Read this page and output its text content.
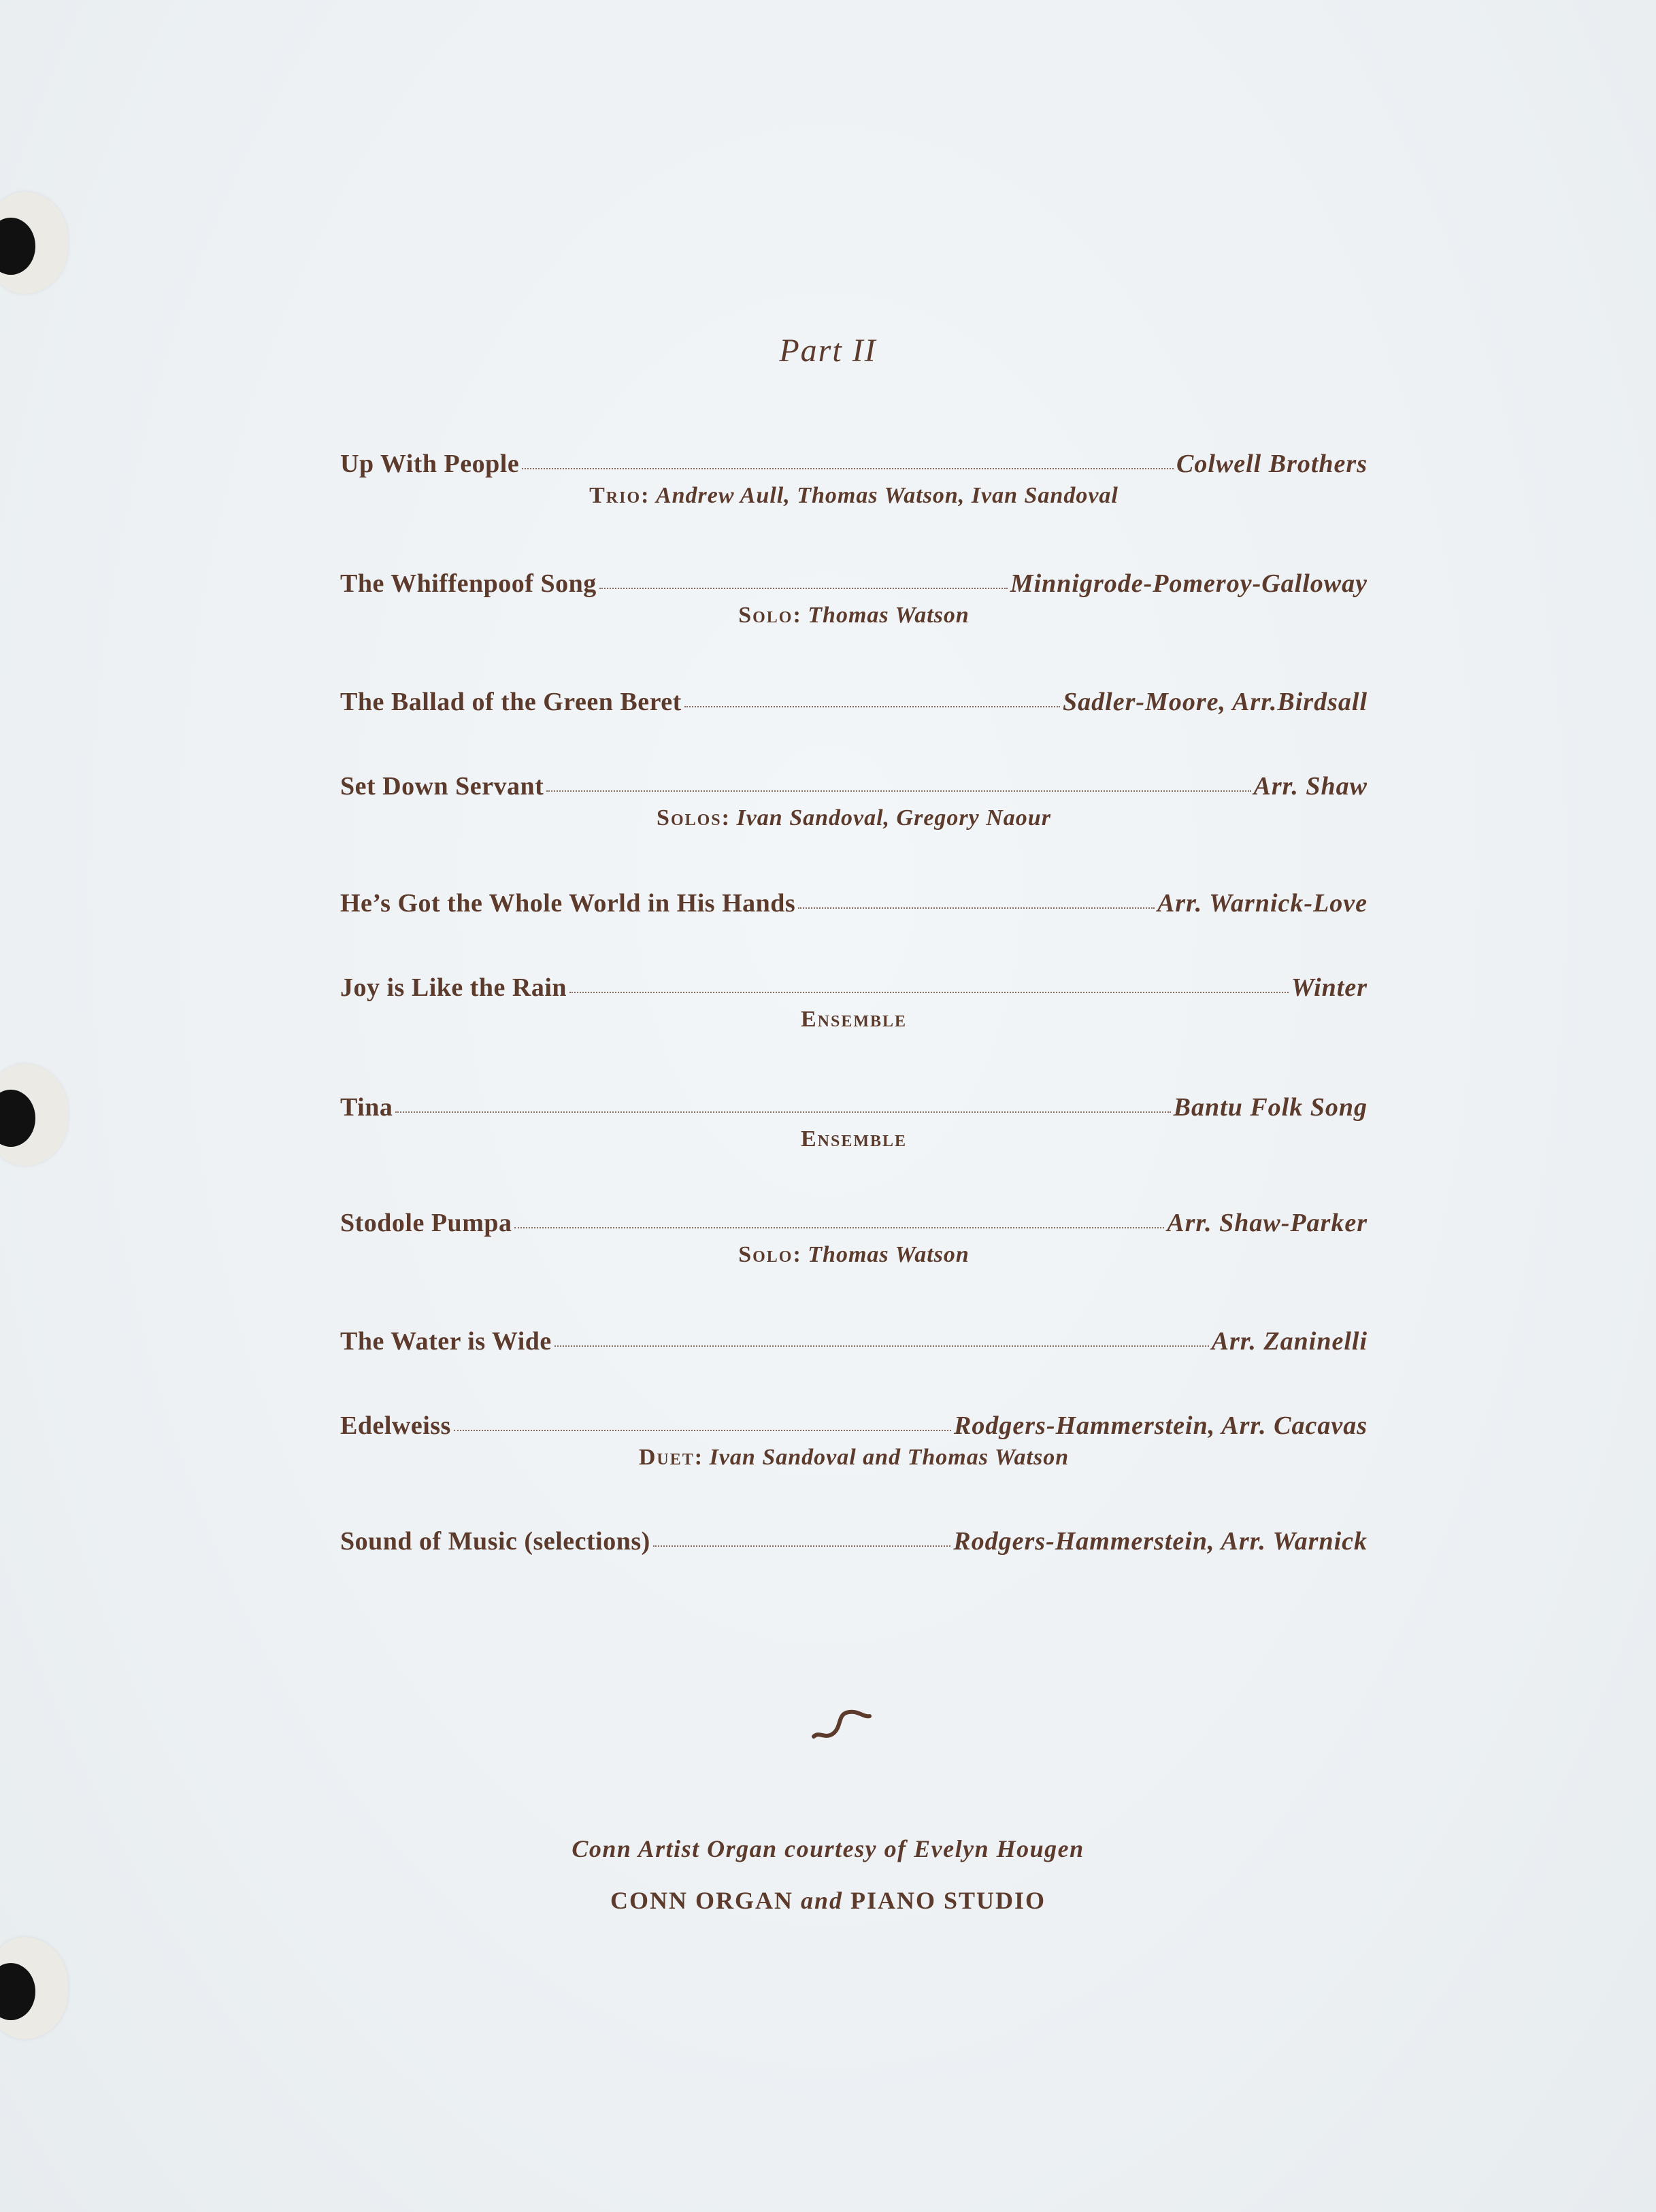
Part II
Up With People	Colwell Brothers
Trio: Andrew Aull, Thomas Watson, Ivan Sandoval
The Whiffenpoof Song	Minnigrode-Pomeroy-Galloway
Solo: Thomas Watson
The Ballad of the Green Beret	Sadler-Moore, Arr.Birdsall
Set Down Servant	Arr. Shaw
Solos: Ivan Sandoval, Gregory Naour
He’s Got the Whole World in His Hands	Arr. Warnick-Love
Joy is Like the Rain	Winter
Ensemble
Tina	Bantu Folk Song
Ensemble
Stodole Pumpa	Arr. Shaw-Parker
Solo: Thomas Watson
The Water is Wide	Arr. Zaninelli
Edelweiss	Rodgers-Hammerstein, Arr. Cacavas
Duet: Ivan Sandoval and Thomas Watson
Sound of Music (selections)	Rodgers-Hammerstein, Arr. Warnick
Conn Artist Organ courtesy of Evelyn Hougen
CONN ORGAN and PIANO STUDIO
